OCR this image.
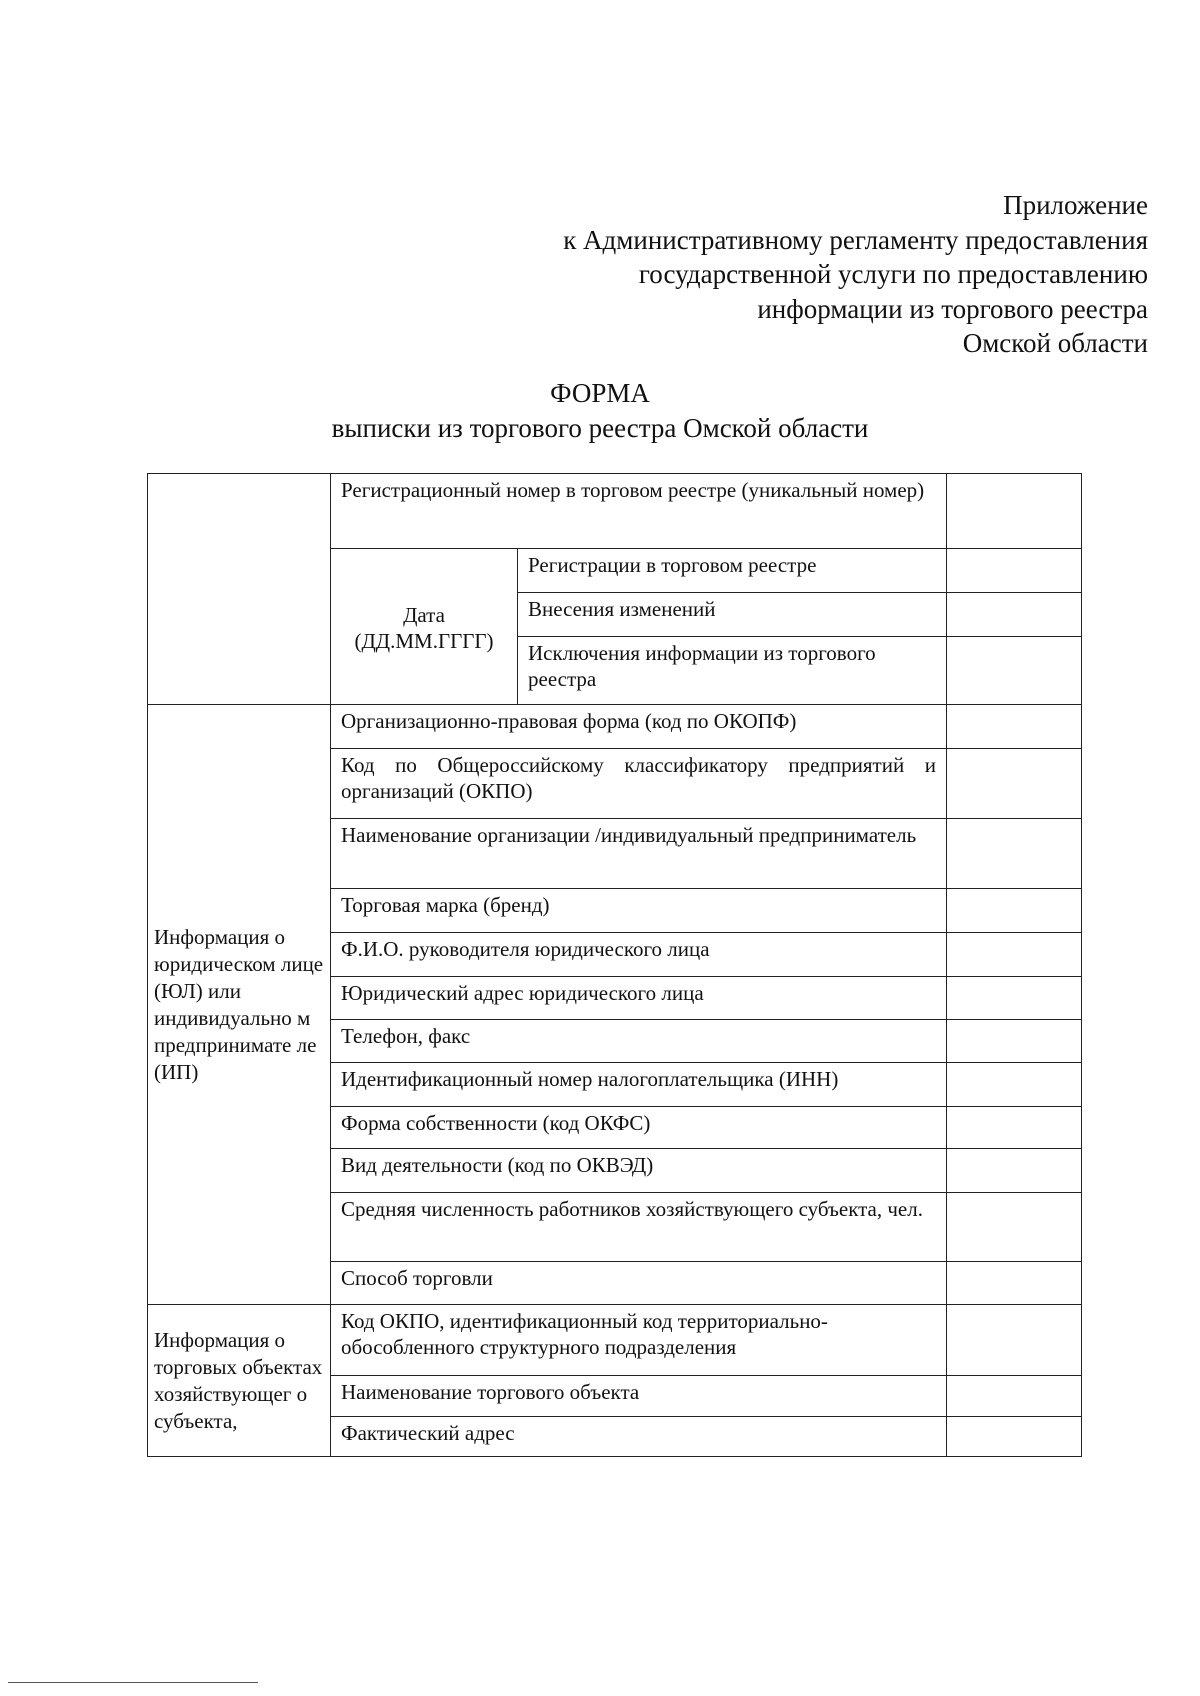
Приложение
к Административному регламенту предоставления
государственной услуги по предоставлению
информации из торгового реестра
Омской области
ФОРМА
выписки из торгового реестра Омской области
	Регистрационный номер в торговом реестре (уникальный номер)		
	Дата (ДД.ММ.ГГГГ)	Регистрации в торговом реестре	
		Внесения изменений	
		Исключения информации из торгового реестра	
Информация о юридическом лице (ЮЛ) или индивидуально м предпринимате ле (ИП)	Организационно-правовая форма (код по ОКОПФ)		
	Код по Общероссийскому классификатору предприятий и организаций (ОКПО)		
	Наименование организации /индивидуальный предприниматель		
	Торговая марка (бренд)		
	Ф.И.О. руководителя юридического лица		
	Юридический адрес юридического лица		
	Телефон, факс		
	Идентификационный номер налогоплательщика (ИНН)		
	Форма собственности (код ОКФС)		
	Вид деятельности (код по ОКВЭД)		
	Средняя численность работников хозяйствующего субъекта, чел.		
	Способ торговли		
Информация о торговых объектах хозяйствующег о субъекта,	Код ОКПО, идентификационный код территориально-обособленного структурного подразделения		
	Наименование торгового объекта		
	Фактический адрес		
